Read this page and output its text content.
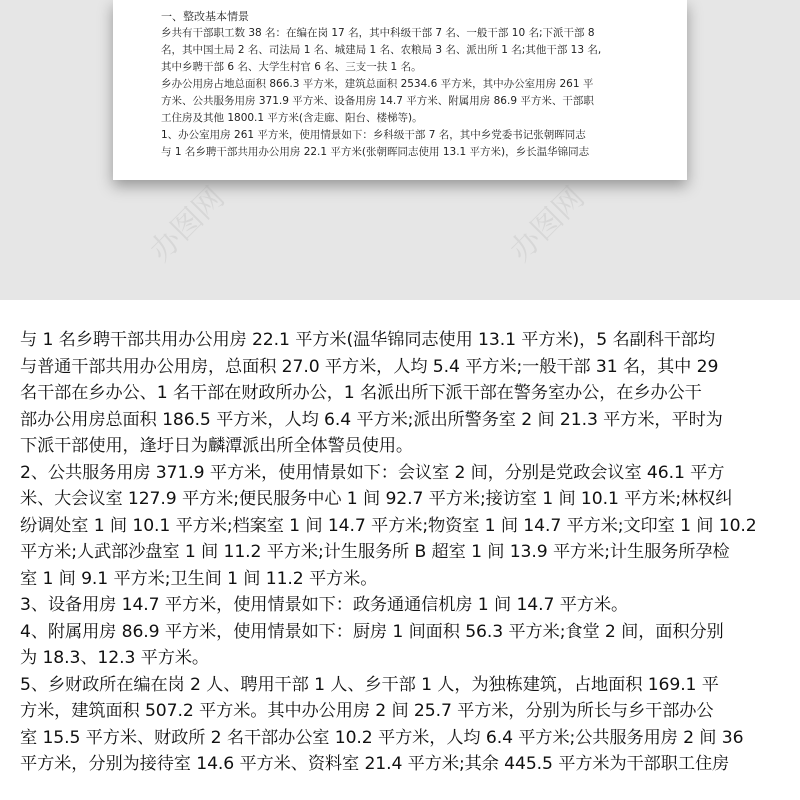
一、整改基本情景

乡共有干部职工数 38 名：在编在岗 17 名，其中科级干部 7 名、一般干部 10 名;下派干部 8

名，其中国土局 2 名、司法局 1 名、城建局 1 名、农粮局 3 名、派出所 1 名;其他干部 13 名,

其中乡聘干部 6 名、大学生村官 6 名、三支一扶 1 名。

乡办公用房占地总面积 866.3 平方米，建筑总面积 2534.6 平方米，其中办公室用房 261 平

方米、公共服务用房 371.9 平方米、设备用房 14.7 平方米、附属用房 86.9 平方米、干部职

工住房及其他 1800.1 平方米(含走廊、阳台、楼梯等)。

1、办公室用房 261 平方米，使用情景如下：乡科级干部 7 名，其中乡党委书记张朝晖同志

与 1 名乡聘干部共用办公用房 22.1 平方米(张朝晖同志使用 13.1 平方米)，乡长温华锦同志

与 1 名乡聘干部共用办公用房 22.1 平方米(温华锦同志使用 13.1 平方米)，5 名副科干部均

与普通干部共用办公用房，总面积 27.0 平方米，人均 5.4 平方米;一般干部 31 名，其中 29

名干部在乡办公、1 名干部在财政所办公，1 名派出所下派干部在警务室办公，在乡办公干

部办公用房总面积 186.5 平方米，人均 6.4 平方米;派出所警务室 2 间 21.3 平方米，平时为

下派干部使用，逢圩日为麟潭派出所全体警员使用。

2、公共服务用房 371.9 平方米，使用情景如下：会议室 2 间，分别是党政会议室 46.1 平方

米、大会议室 127.9 平方米;便民服务中心 1 间 92.7 平方米;接访室 1 间 10.1 平方米;林权纠

纷调处室 1 间 10.1 平方米;档案室 1 间 14.7 平方米;物资室 1 间 14.7 平方米;文印室 1 间 10.2

平方米;人武部沙盘室 1 间 11.2 平方米;计生服务所 B 超室 1 间 13.9 平方米;计生服务所孕检

室 1 间 9.1 平方米;卫生间 1 间 11.2 平方米。

3、设备用房 14.7 平方米，使用情景如下：政务通通信机房 1 间 14.7 平方米。

4、附属用房 86.9 平方米，使用情景如下：厨房 1 间面积 56.3 平方米;食堂 2 间，面积分别

为 18.3、12.3 平方米。

5、乡财政所在编在岗 2 人、聘用干部 1 人、乡干部 1 人，为独栋建筑，占地面积 169.1 平

方米，建筑面积 507.2 平方米。其中办公用房 2 间 25.7 平方米，分别为所长与乡干部办公

室 15.5 平方米、财政所 2 名干部办公室 10.2 平方米，人均 6.4 平方米;公共服务用房 2 间 36

平方米，分别为接待室 14.6 平方米、资料室 21.4 平方米;其余 445.5 平方米为干部职工住房
